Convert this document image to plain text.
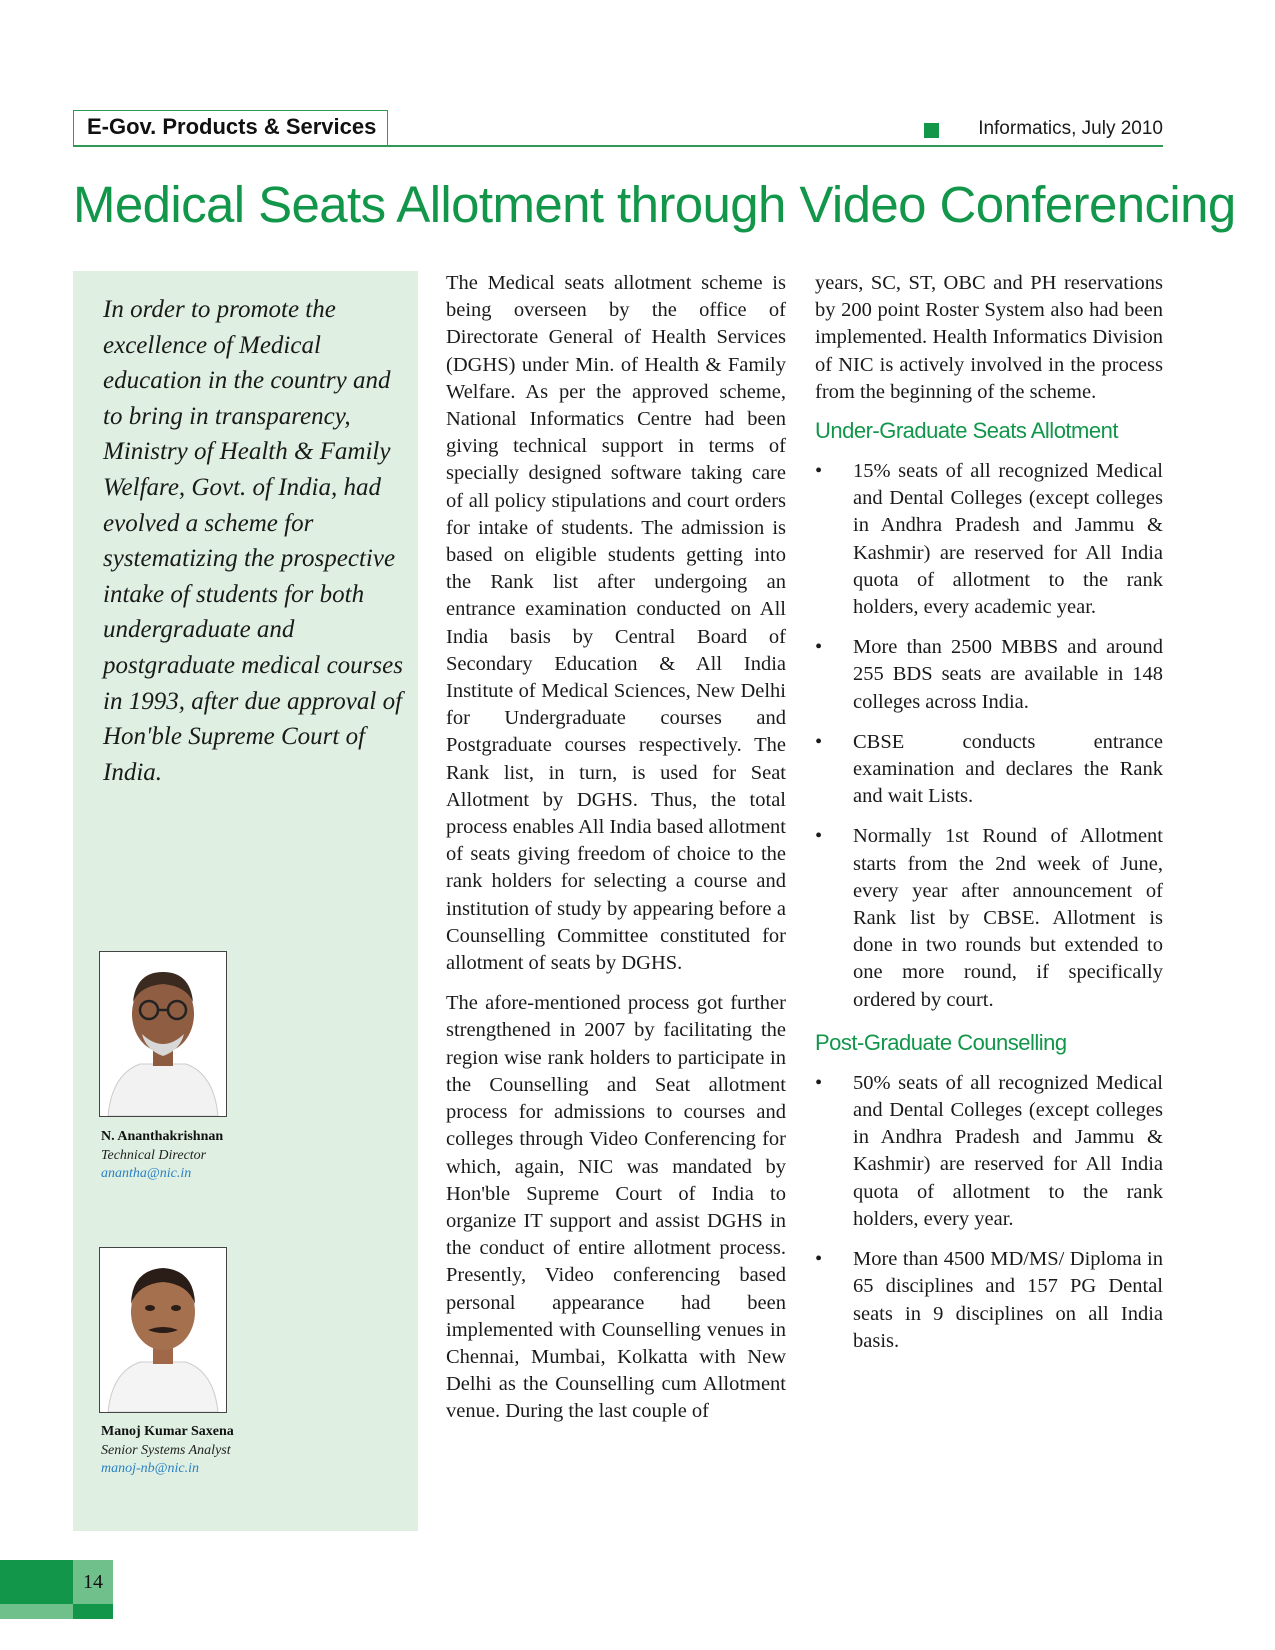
E-Gov. Products & Services	Informatics, July 2010
Medical Seats Allotment through Video Conferencing
In order to promote the excellence of Medical education in the country and to bring in transparency, Ministry of Health & Family Welfare, Govt. of India, had evolved a scheme for systematizing the prospective intake of students for both undergraduate and postgraduate medical courses in 1993, after due approval of Hon'ble Supreme Court of India.
N. Ananthakrishnan
Technical Director
anantha@nic.in
Manoj Kumar Saxena
Senior Systems Analyst
manoj-nb@nic.in

The Medical seats allotment scheme is being overseen by the office of Directorate General of Health Services (DGHS) under Min. of Health & Family Welfare. As per the approved scheme, National Informatics Centre had been giving technical support in terms of specially designed software taking care of all policy stipulations and court orders for intake of students. The admission is based on eligible students getting into the Rank list after undergoing an entrance examination conducted on All India basis by Central Board of Secondary Education & All India Institute of Medical Sciences, New Delhi for Undergraduate courses and Postgraduate courses respectively. The Rank list, in turn, is used for Seat Allotment by DGHS. Thus, the total process enables All India based allotment of seats giving freedom of choice to the rank holders for selecting a course and institution of study by appearing before a Counselling Committee constituted for allotment of seats by DGHS.

The afore-mentioned process got further strengthened in 2007 by facilitating the region wise rank holders to participate in the Counselling and Seat allotment process for admissions to courses and colleges through Video Conferencing for which, again, NIC was mandated by Hon'ble Supreme Court of India to organize IT support and assist DGHS in the conduct of entire allotment process. Presently, Video conferencing based personal appearance had been implemented with Counselling venues in Chennai, Mumbai, Kolkatta with New Delhi as the Counselling cum Allotment venue. During the last couple of

years, SC, ST, OBC and PH reservations by 200 point Roster System also had been implemented. Health Informatics Division of NIC is actively involved in the process from the beginning of the scheme.

Under-Graduate Seats Allotment
• 15% seats of all recognized Medical and Dental Colleges (except colleges in Andhra Pradesh and Jammu & Kashmir) are reserved for All India quota of allotment to the rank holders, every academic year.
• More than 2500 MBBS and around 255 BDS seats are available in 148 colleges across India.
• CBSE conducts entrance examination and declares the Rank and wait Lists.
• Normally 1st Round of Allotment starts from the 2nd week of June, every year after announcement of Rank list by CBSE. Allotment is done in two rounds but extended to one more round, if specifically ordered by court.
Post-Graduate Counselling
• 50% seats of all recognized Medical and Dental Colleges (except colleges in Andhra Pradesh and Jammu & Kashmir) are reserved for All India quota of allotment to the rank holders, every year.
• More than 4500 MD/MS/ Diploma in 65 disciplines and 157 PG Dental seats in 9 disciplines on all India basis.
14
